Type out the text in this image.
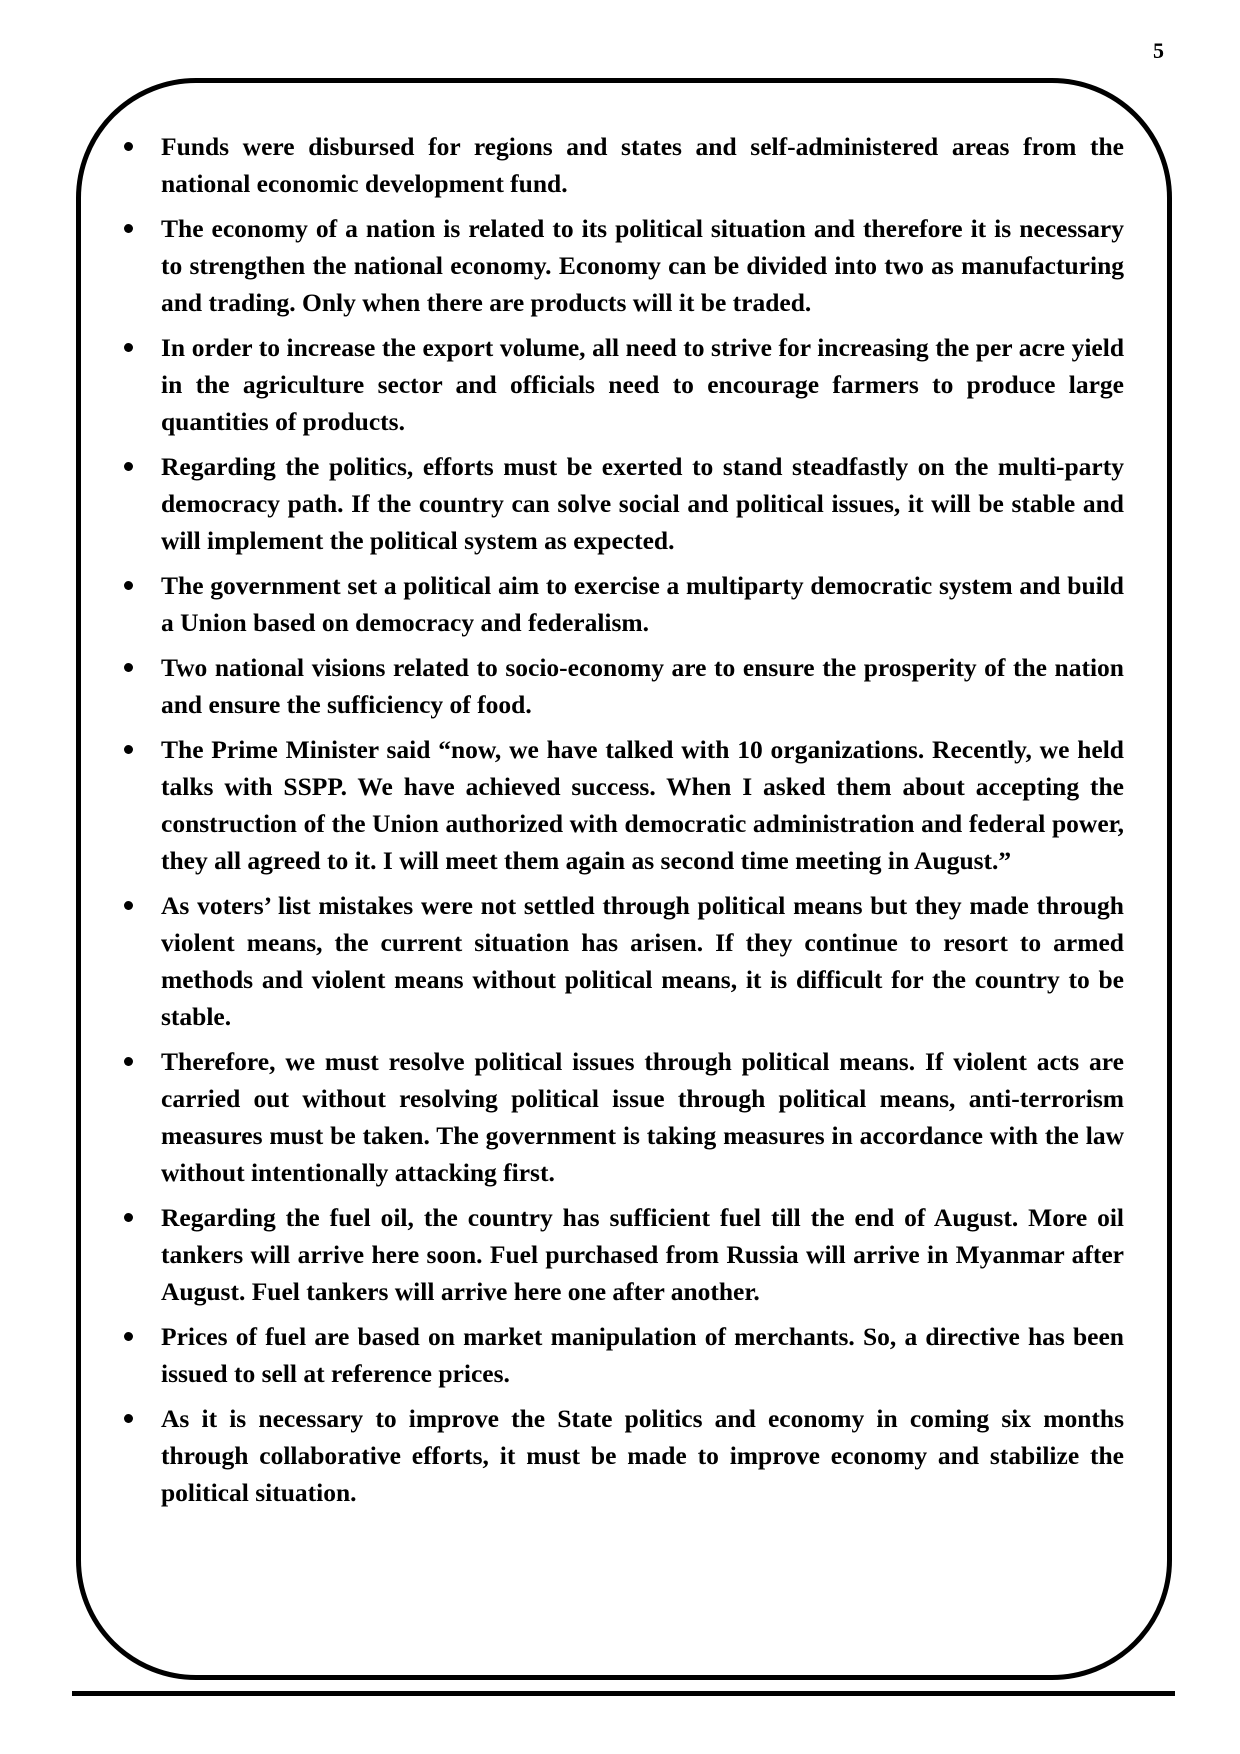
5
Funds were disbursed for regions and states and self-administered areas from the national economic development fund.
The economy of a nation is related to its political situation and therefore it is necessary to strengthen the national economy. Economy can be divided into two as manufacturing and trading. Only when there are products will it be traded.
In order to increase the export volume, all need to strive for increasing the per acre yield in the agriculture sector and officials need to encourage farmers to produce large quantities of products.
Regarding the politics, efforts must be exerted to stand steadfastly on the multi-party democracy path. If the country can solve social and political issues, it will be stable and will implement the political system as expected.
The government set a political aim to exercise a multiparty democratic system and build a Union based on democracy and federalism.
Two national visions related to socio-economy are to ensure the prosperity of the nation and ensure the sufficiency of food.
The Prime Minister said “now, we have talked with 10 organizations. Recently, we held talks with SSPP. We have achieved success. When I asked them about accepting the construction of the Union authorized with democratic administration and federal power, they all agreed to it. I will meet them again as second time meeting in August.”
As voters’ list mistakes were not settled through political means but they made through violent means, the current situation has arisen. If they continue to resort to armed methods and violent means without political means, it is difficult for the country to be stable.
Therefore, we must resolve political issues through political means. If violent acts are carried out without resolving political issue through political means, anti-terrorism measures must be taken. The government is taking measures in accordance with the law without intentionally attacking first.
Regarding the fuel oil, the country has sufficient fuel till the end of August. More oil tankers will arrive here soon. Fuel purchased from Russia will arrive in Myanmar after August. Fuel tankers will arrive here one after another.
Prices of fuel are based on market manipulation of merchants. So, a directive has been issued to sell at reference prices.
As it is necessary to improve the State politics and economy in coming six months through collaborative efforts, it must be made to improve economy and stabilize the political situation.
